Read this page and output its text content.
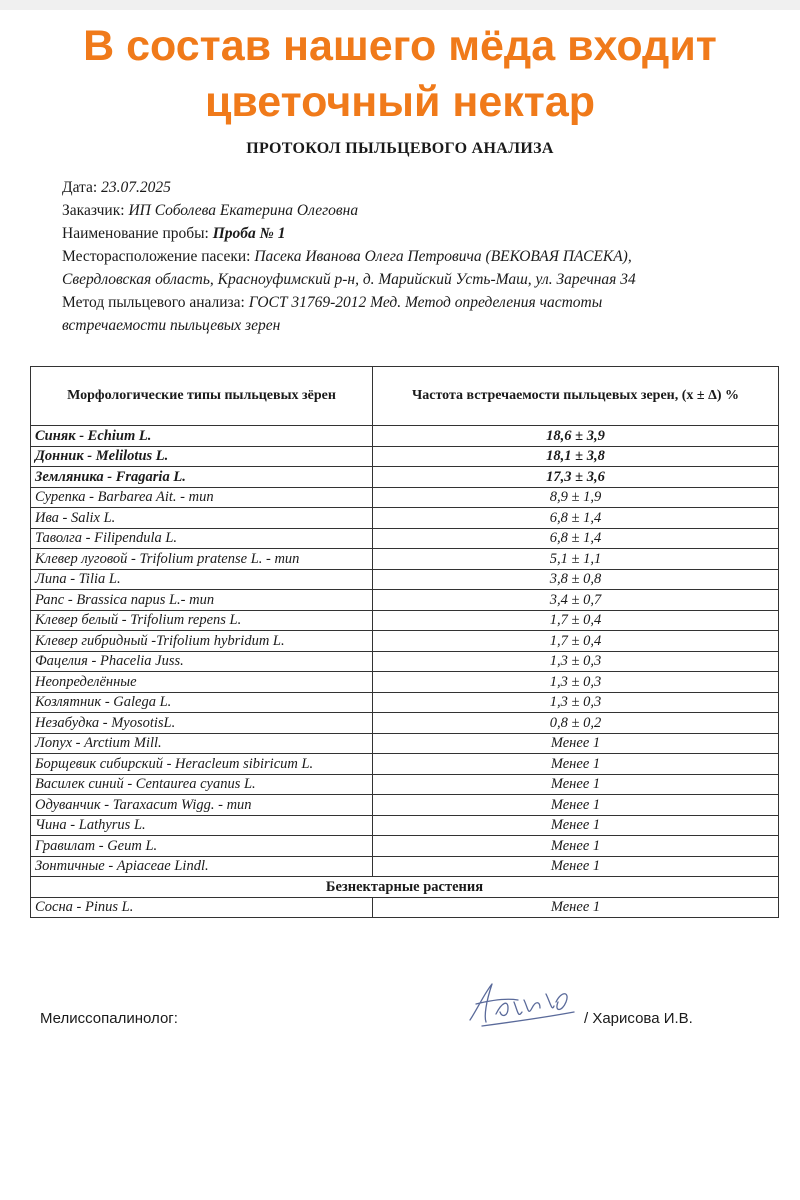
В состав нашего мёда входит
цветочный нектар
ПРОТОКОЛ ПЫЛЬЦЕВОГО АНАЛИЗА
Дата: 23.07.2025
Заказчик: ИП Соболева Екатерина Олеговна
Наименование пробы: Проба № 1
Месторасположение пасеки: Пасека Иванова Олега Петровича (ВЕКОВАЯ ПАСЕКА),
Свердловская область, Красноуфимский р-н, д. Марийский Усть-Маш, ул. Заречная 34
Метод пыльцевого анализа: ГОСТ 31769-2012 Мед. Метод определения частоты
встречаемости пыльцевых зерен
Морфологические типы пыльцевых зёрен	Частота встречаемости пыльцевых зерен, (x ± Δ) %
Синяк - Echium L.	18,6 ± 3,9
Донник - Melilotus L.	18,1 ± 3,8
Земляника - Fragaria L.	17,3 ± 3,6
Сурепка - Barbarea Ait. - тип	8,9 ± 1,9
Ива - Salix L.	6,8 ± 1,4
Таволга - Filipendula L.	6,8 ± 1,4
Клевер луговой - Trifolium pratense L. - тип	5,1 ± 1,1
Липа - Tilia L.	3,8 ± 0,8
Рапс - Brassica napus L.- тип	3,4 ± 0,7
Клевер белый - Trifolium repens L.	1,7 ± 0,4
Клевер гибридный -Trifolium hybridum L.	1,7 ± 0,4
Фацелия - Phacelia Juss.	1,3 ± 0,3
Неопределённые	1,3 ± 0,3
Козлятник - Galega L.	1,3 ± 0,3
Незабудка - MyosotisL.	0,8 ± 0,2
Лопух - Arctium Mill.	Менее 1
Борщевик сибирский - Heracleum sibiricum L.	Менее 1
Василек синий - Centaurea cyanus L.	Менее 1
Одуванчик - Taraxacum Wigg. - тип	Менее 1
Чина - Lathyrus L.	Менее 1
Гравилат - Geum L.	Менее 1
Зонтичные - Apiaceae Lindl.	Менее 1
Безнектарные растения	
Сосна - Pinus L.	Менее 1
Мелиссопалинолог:	/ Харисова И.В.
